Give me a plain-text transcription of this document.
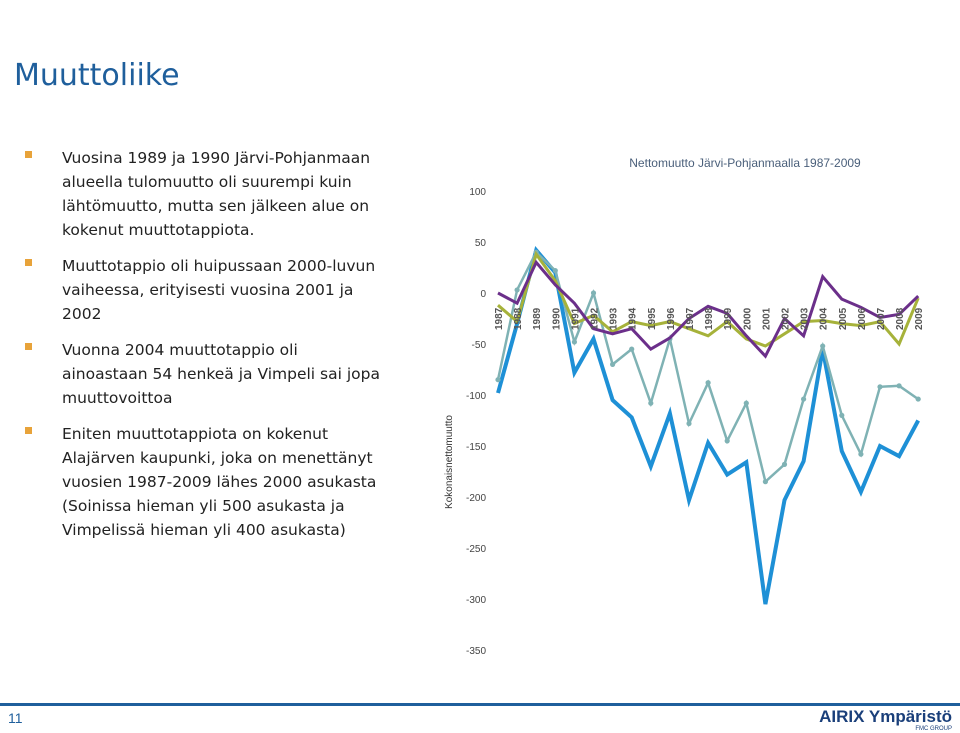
Muuttoliike
Vuosina 1989 ja 1990 Järvi-Pohjanmaan alueella tulomuutto oli suurempi kuin lähtömuutto, mutta sen jälkeen alue on kokenut muuttotappiota.
Muuttotappio oli huipussaan 2000-luvun vaiheessa, erityisesti vuosina 2001 ja 2002
Vuonna 2004 muuttotappio oli ainoastaan 54 henkeä ja Vimpeli sai jopa muuttovoittoa
Eniten muuttotappiota on kokenut Alajärven kaupunki, joka on menettänyt vuosien 1987-2009 lähes 2000 asukasta (Soinissa hieman yli 500 asukasta ja Vimpelissä hieman yli 400 asukasta)
Nettomuutto Järvi-Pohjanmaalla 1987-2009
Kokonaisnettomuutto
100
50
0
-50
-100
-150
-200
-250
-300
-350
1987 1988 1989 1990 1991 1992 1993 1994 1995 1996 1997 1998 1999 2000 2001 2002 2003 2004 2005 2006 2007 2008 2009
11	AIRIX Ympäristö
FMC GROUP
